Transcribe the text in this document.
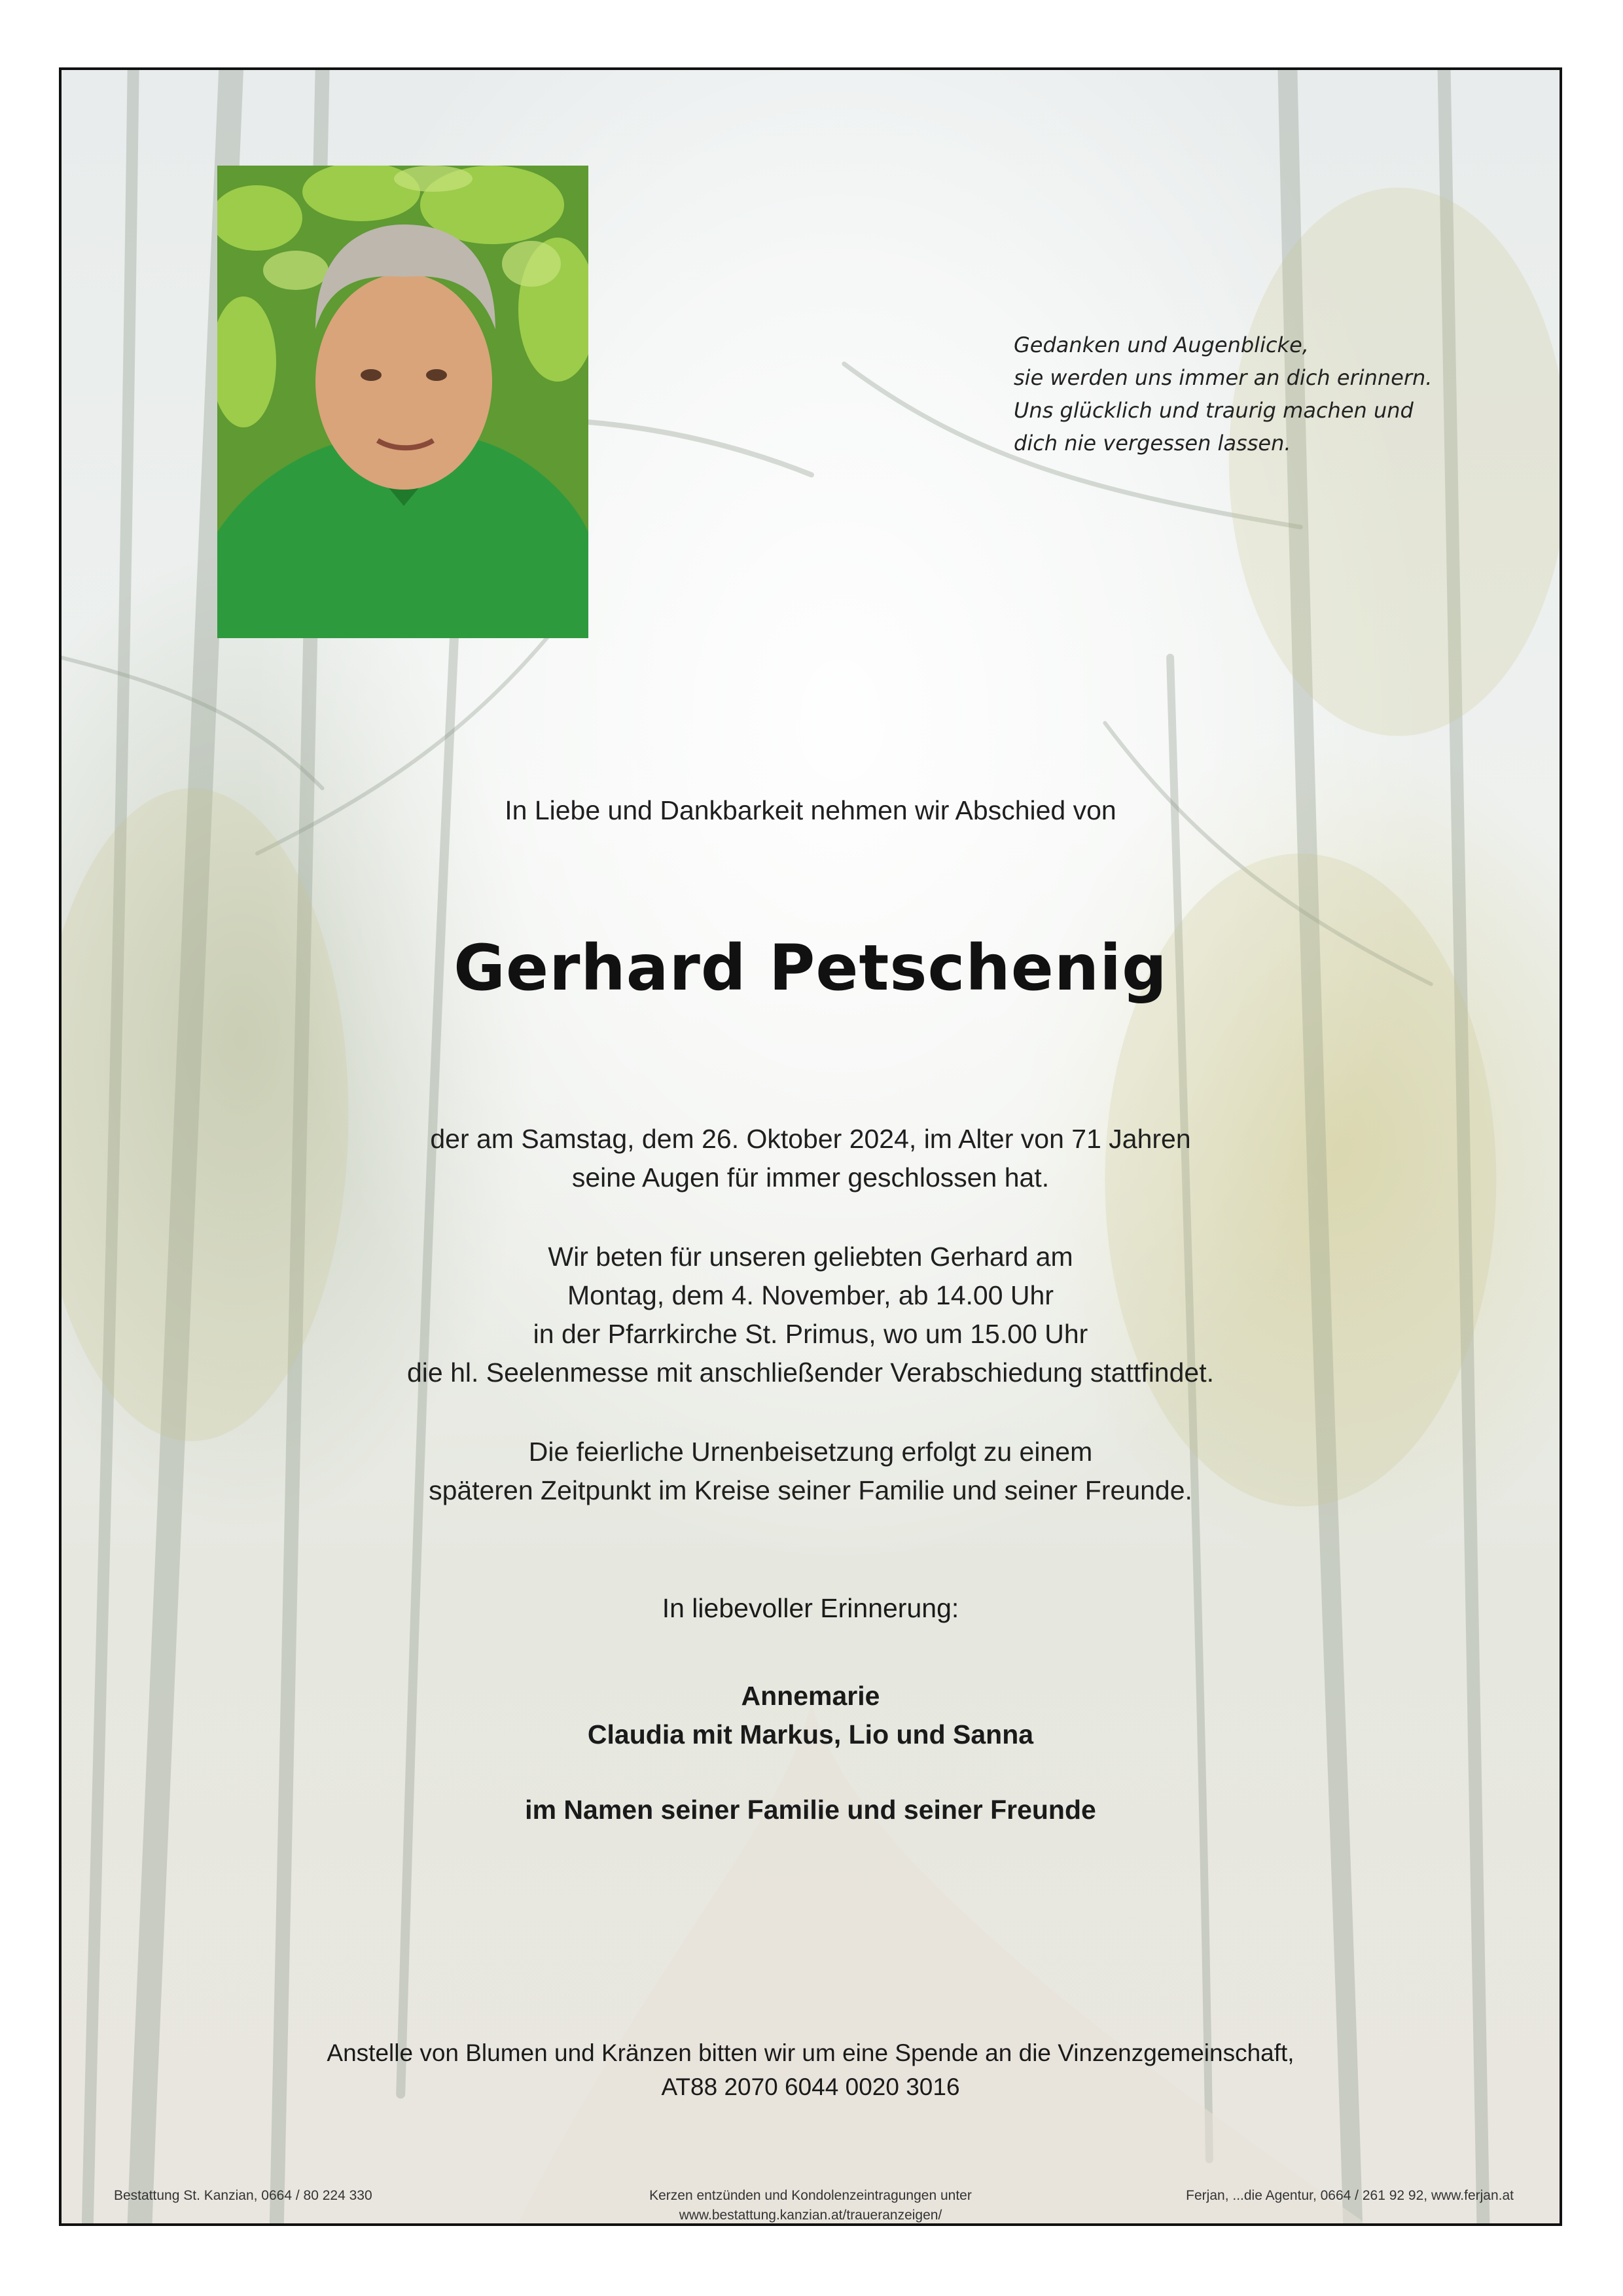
Gedanken und Augenblicke,
sie werden uns immer an dich erinnern.
Uns glücklich und traurig machen und
dich nie vergessen lassen.
In Liebe und Dankbarkeit nehmen wir Abschied von
Gerhard Petschenig
der am Samstag, dem 26. Oktober 2024, im Alter von 71 Jahren
seine Augen für immer geschlossen hat.
Wir beten für unseren geliebten Gerhard am
Montag, dem 4. November, ab 14.00 Uhr
in der Pfarrkirche St. Primus, wo um 15.00 Uhr
die hl. Seelenmesse mit anschließender Verabschiedung stattfindet.
Die feierliche Urnenbeisetzung erfolgt zu einem
späteren Zeitpunkt im Kreise seiner Familie und seiner Freunde.
In liebevoller Erinnerung:
Annemarie
Claudia mit Markus, Lio und Sanna
im Namen seiner Familie und seiner Freunde
Anstelle von Blumen und Kränzen bitten wir um eine Spende an die Vinzenzgemeinschaft,
AT88 2070 6044 0020 3016
Bestattung St. Kanzian, 0664 / 80 224 330	Kerzen entzünden und Kondolenzeintragungen unter
www.bestattung.kanzian.at/traueranzeigen/
Ferjan, ...die Agentur, 0664 / 261 92 92, www.ferjan.at
